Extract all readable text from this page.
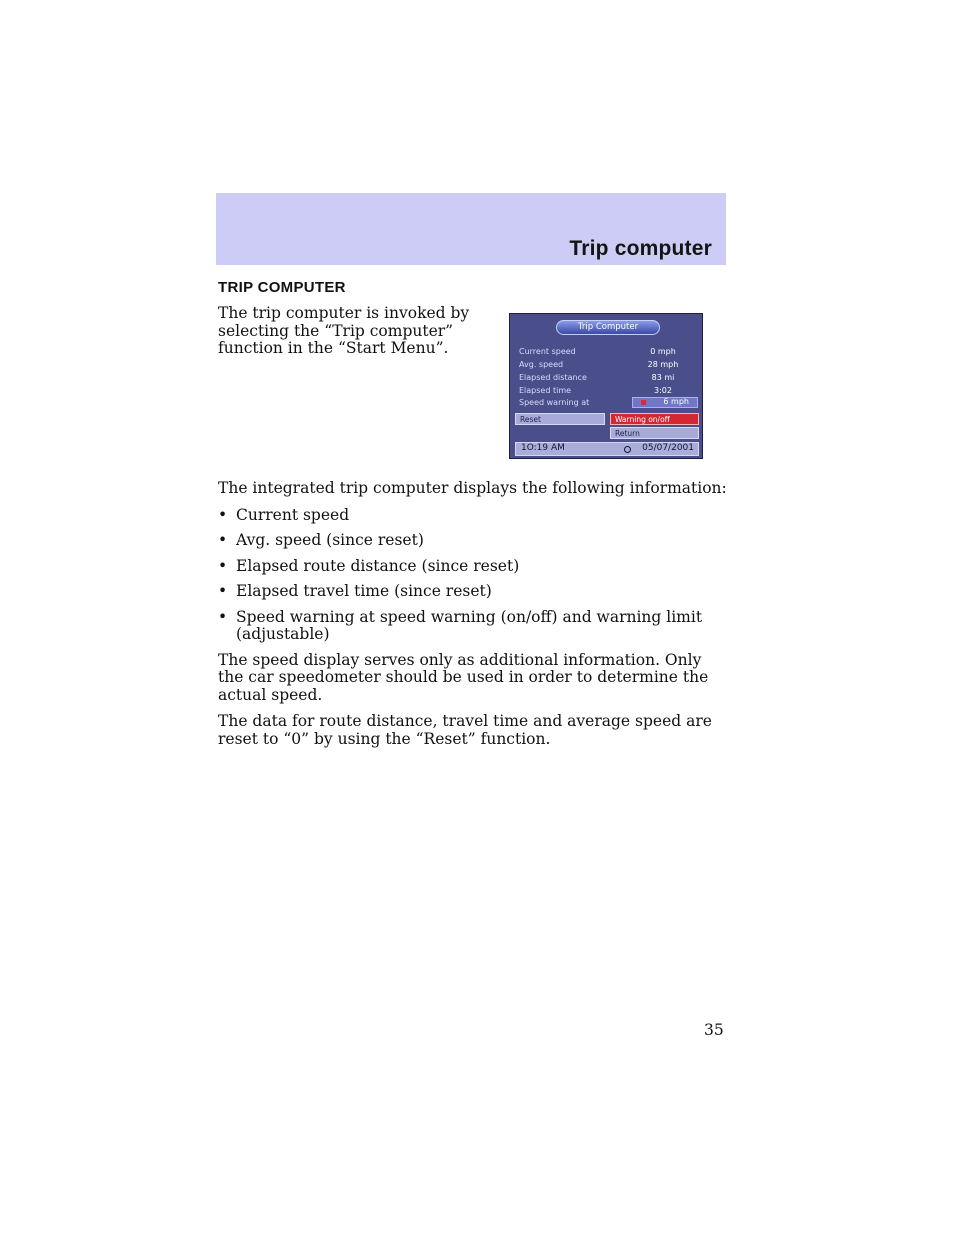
Trip computer
TRIP COMPUTER
The trip computer is invoked by selecting the “Trip computer” function in the “Start Menu”.
Trip Computer
Current speed	0 mph
Avg. speed	28 mph
Elapsed distance	83 mi
Elapsed time	3:02
Speed warning at	6 mph
Reset	Warning on/off
Return
1O:19 AM	05/07/2001

The integrated trip computer displays the following information:

• Current speed
• Avg. speed (since reset)
• Elapsed route distance (since reset)
• Elapsed travel time (since reset)
• Speed warning at speed warning (on/off) and warning limit (adjustable)

The speed display serves only as additional information. Only the car speedometer should be used in order to determine the actual speed.

The data for route distance, travel time and average speed are reset to “0” by using the “Reset” function.

35
